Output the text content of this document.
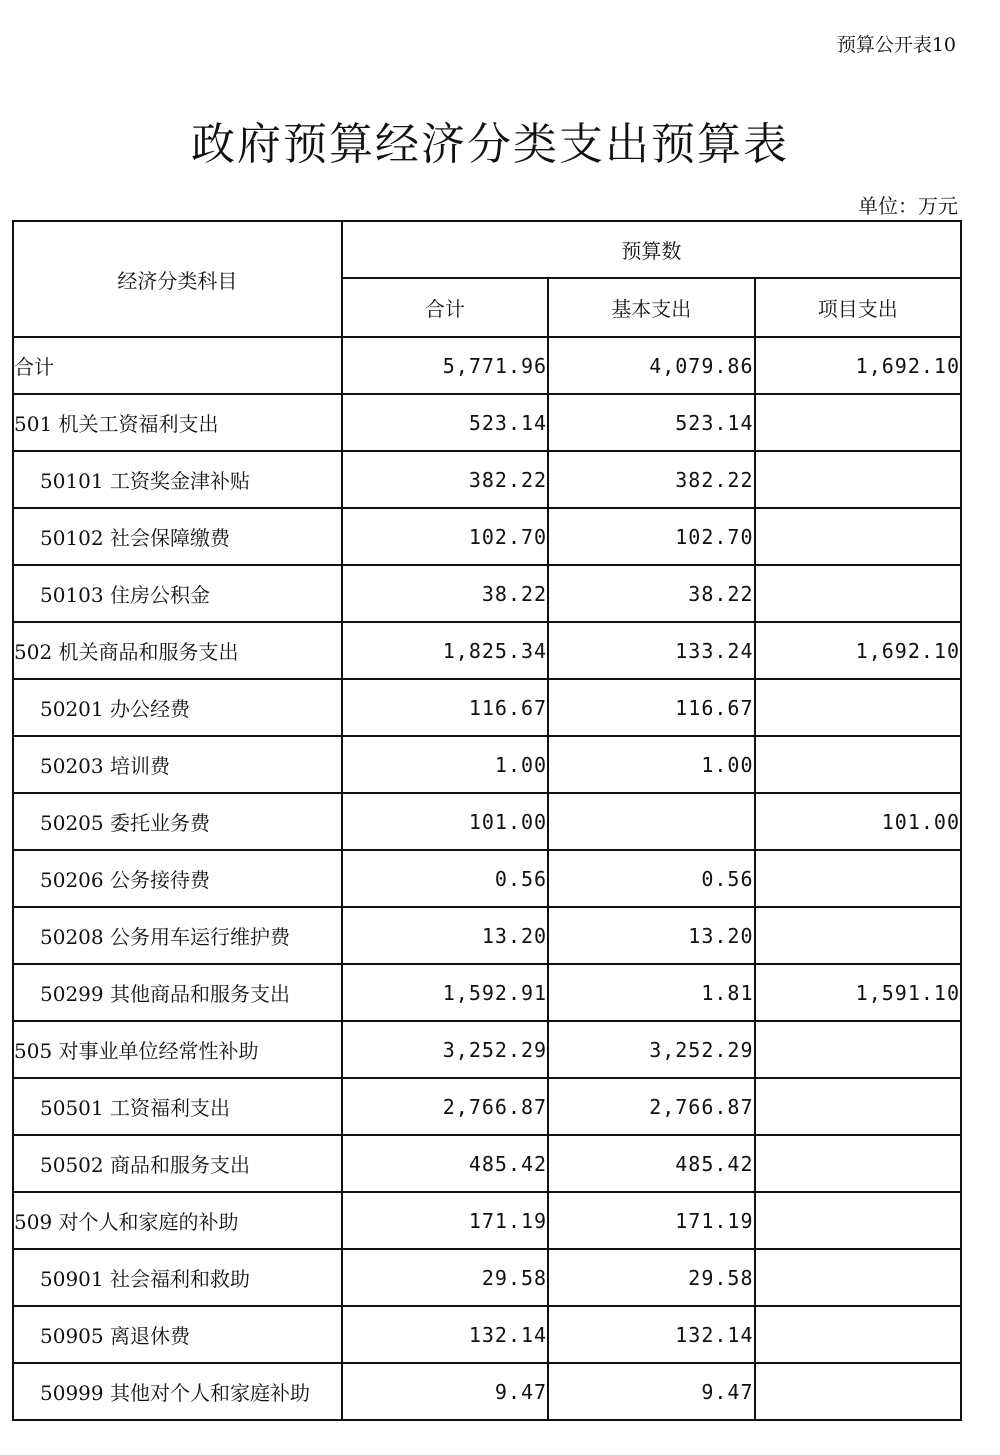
预算公开表10
政府预算经济分类支出预算表
单位：万元
经济分类科目	预算数		
	合计	基本支出	项目支出
合计	5,771.96	4,079.86	1,692.10
501 机关工资福利支出	523.14	523.14	
50101 工资奖金津补贴	382.22	382.22	
50102 社会保障缴费	102.70	102.70	
50103 住房公积金	38.22	38.22	
502 机关商品和服务支出	1,825.34	133.24	1,692.10
50201 办公经费	116.67	116.67	
50203 培训费	1.00	1.00	
50205 委托业务费	101.00		101.00
50206 公务接待费	0.56	0.56	
50208 公务用车运行维护费	13.20	13.20	
50299 其他商品和服务支出	1,592.91	1.81	1,591.10
505 对事业单位经常性补助	3,252.29	3,252.29	
50501 工资福利支出	2,766.87	2,766.87	
50502 商品和服务支出	485.42	485.42	
509 对个人和家庭的补助	171.19	171.19	
50901 社会福利和救助	29.58	29.58	
50905 离退休费	132.14	132.14	
50999 其他对个人和家庭补助	9.47	9.47	
